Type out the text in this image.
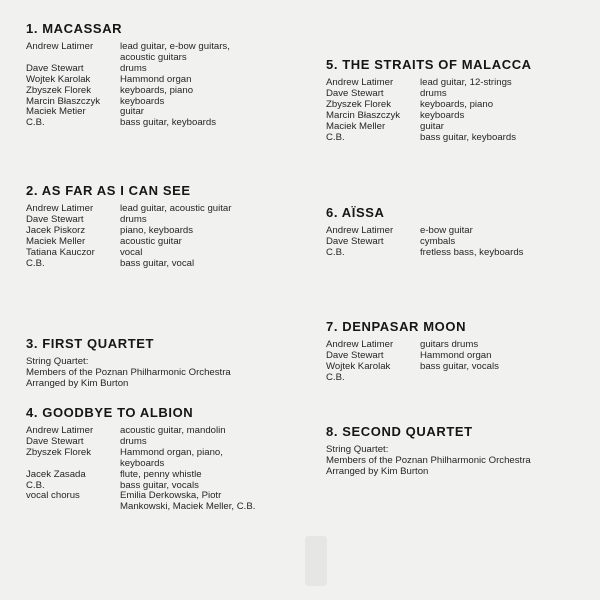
1. MACASSAR
Andrew Latimer	lead guitar, e-bow guitars,
acoustic guitars
Dave Stewart	drums
Wojtek Karolak	Hammond organ
Zbyszek Florek	keyboards, piano
Marcin Błaszczyk keyboards
Maciek Metier	guitar
C.B.	bass guitar, keyboards
2. AS FAR AS I CAN SEE
Andrew Latimer	lead guitar, acoustic guitar
Dave Stewart	drums
Jacek Piskorz	piano, keyboards
Maciek Meller	acoustic guitar
Tatiana Kauczor	vocal
C.B.	bass guitar, vocal
3. FIRST QUARTET
String Quartet:
Members of the Poznan Philharmonic Orchestra
Arranged by Kim Burton
4. GOODBYE TO ALBION
Andrew Latimer	acoustic guitar, mandolin
Dave Stewart	drums
Zbyszek Florek	Hammond organ, piano,
keyboards
Jacek Zasada	flute, penny whistle
C.B.	bass guitar, vocals
vocal chorus	Emilia Derkowska, Piotr
Mankowski, Maciek Meller, C.B.
5. THE STRAITS OF MALACCA
Andrew Latimer	lead guitar, 12-strings
Dave Stewart	drums
Zbyszek Florek	keyboards, piano
Marcin Błaszczyk keyboards
Maciek Meller	guitar
C.B.	bass guitar, keyboards
6. AÏSSA
Andrew Latimer	e-bow guitar
Dave Stewart	cymbals
C.B.	fretless bass, keyboards
7. DENPASAR MOON
Andrew Latimer	guitars drums
Dave Stewart	Hammond organ
Wojtek Karolak	bass guitar, vocals
C.B.

8. SECOND QUARTET
String Quartet:
Members of the Poznan Philharmonic Orchestra
Arranged by Kim Burton
